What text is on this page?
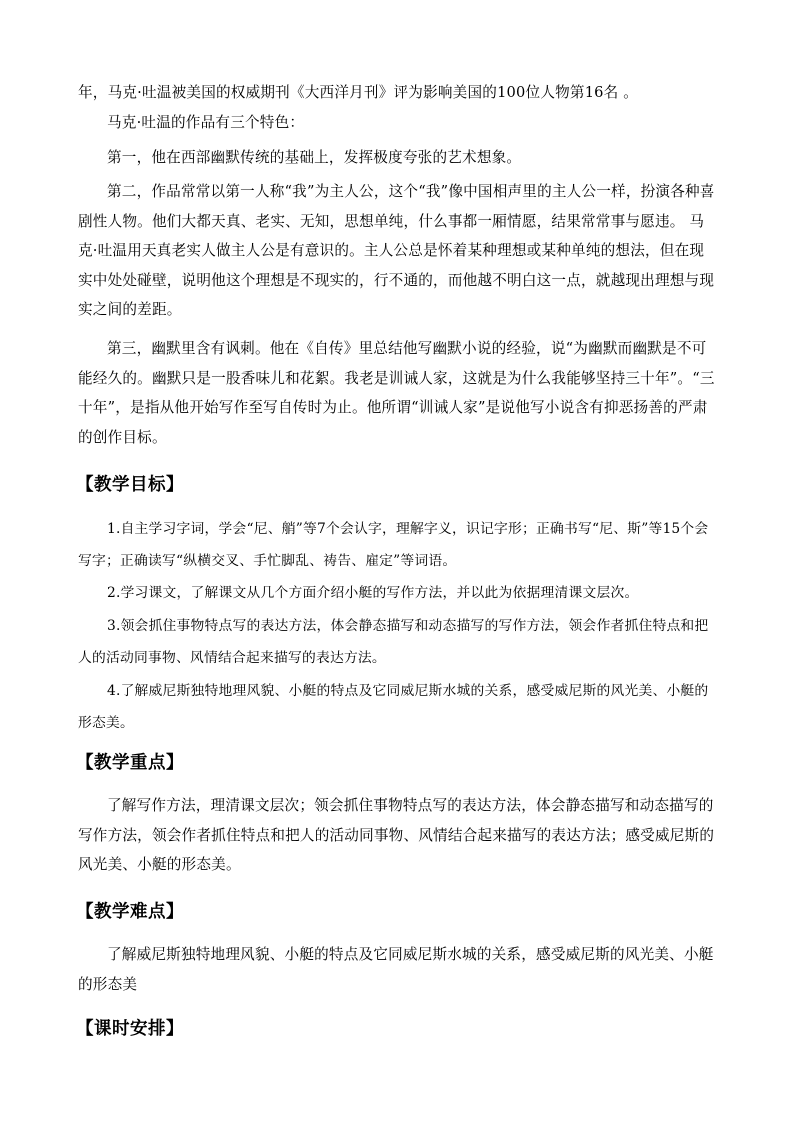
年，马克·吐温被美国的权威期刊《大西洋月刊》评为影响美国的100位人物第16名 。

马克·吐温的作品有三个特色：

第一，他在西部幽默传统的基础上，发挥极度夸张的艺术想象。

第二，作品常常以第一人称“我”为主人公，这个“我”像中国相声里的主人公一样，扮演各种喜剧性人物。他们大都天真、老实、无知，思想单纯，什么事都一厢情愿，结果常常事与愿违。 马克·吐温用天真老实人做主人公是有意识的。主人公总是怀着某种理想或某种单纯的想法，但在现实中处处碰壁，说明他这个理想是不现实的，行不通的，而他越不明白这一点，就越现出理想与现实之间的差距。

第三，幽默里含有讽刺。他在《自传》里总结他写幽默小说的经验，说“为幽默而幽默是不可能经久的。幽默只是一股香味儿和花絮。我老是训诫人家，这就是为什么我能够坚持三十年”。“三十年”，是指从他开始写作至写自传时为止。他所谓“训诫人家”是说他写小说含有抑恶扬善的严肃的创作目标。

【教学目标】

1.自主学习字词，学会“尼、艄”等7个会认字，理解字义，识记字形；正确书写“尼、斯”等15个会写字；正确读写“纵横交叉、手忙脚乱、祷告、雇定”等词语。

2.学习课文，了解课文从几个方面介绍小艇的写作方法，并以此为依据理清课文层次。

3.领会抓住事物特点写的表达方法，体会静态描写和动态描写的写作方法，领会作者抓住特点和把人的活动同事物、风情结合起来描写的表达方法。

4.了解威尼斯独特地理风貌、小艇的特点及它同威尼斯水城的关系，感受威尼斯的风光美、小艇的形态美。

【教学重点】

了解写作方法，理清课文层次；领会抓住事物特点写的表达方法，体会静态描写和动态描写的写作方法，领会作者抓住特点和把人的活动同事物、风情结合起来描写的表达方法；感受威尼斯的风光美、小艇的形态美。

【教学难点】

了解威尼斯独特地理风貌、小艇的特点及它同威尼斯水城的关系，感受威尼斯的风光美、小艇的形态美

【课时安排】
